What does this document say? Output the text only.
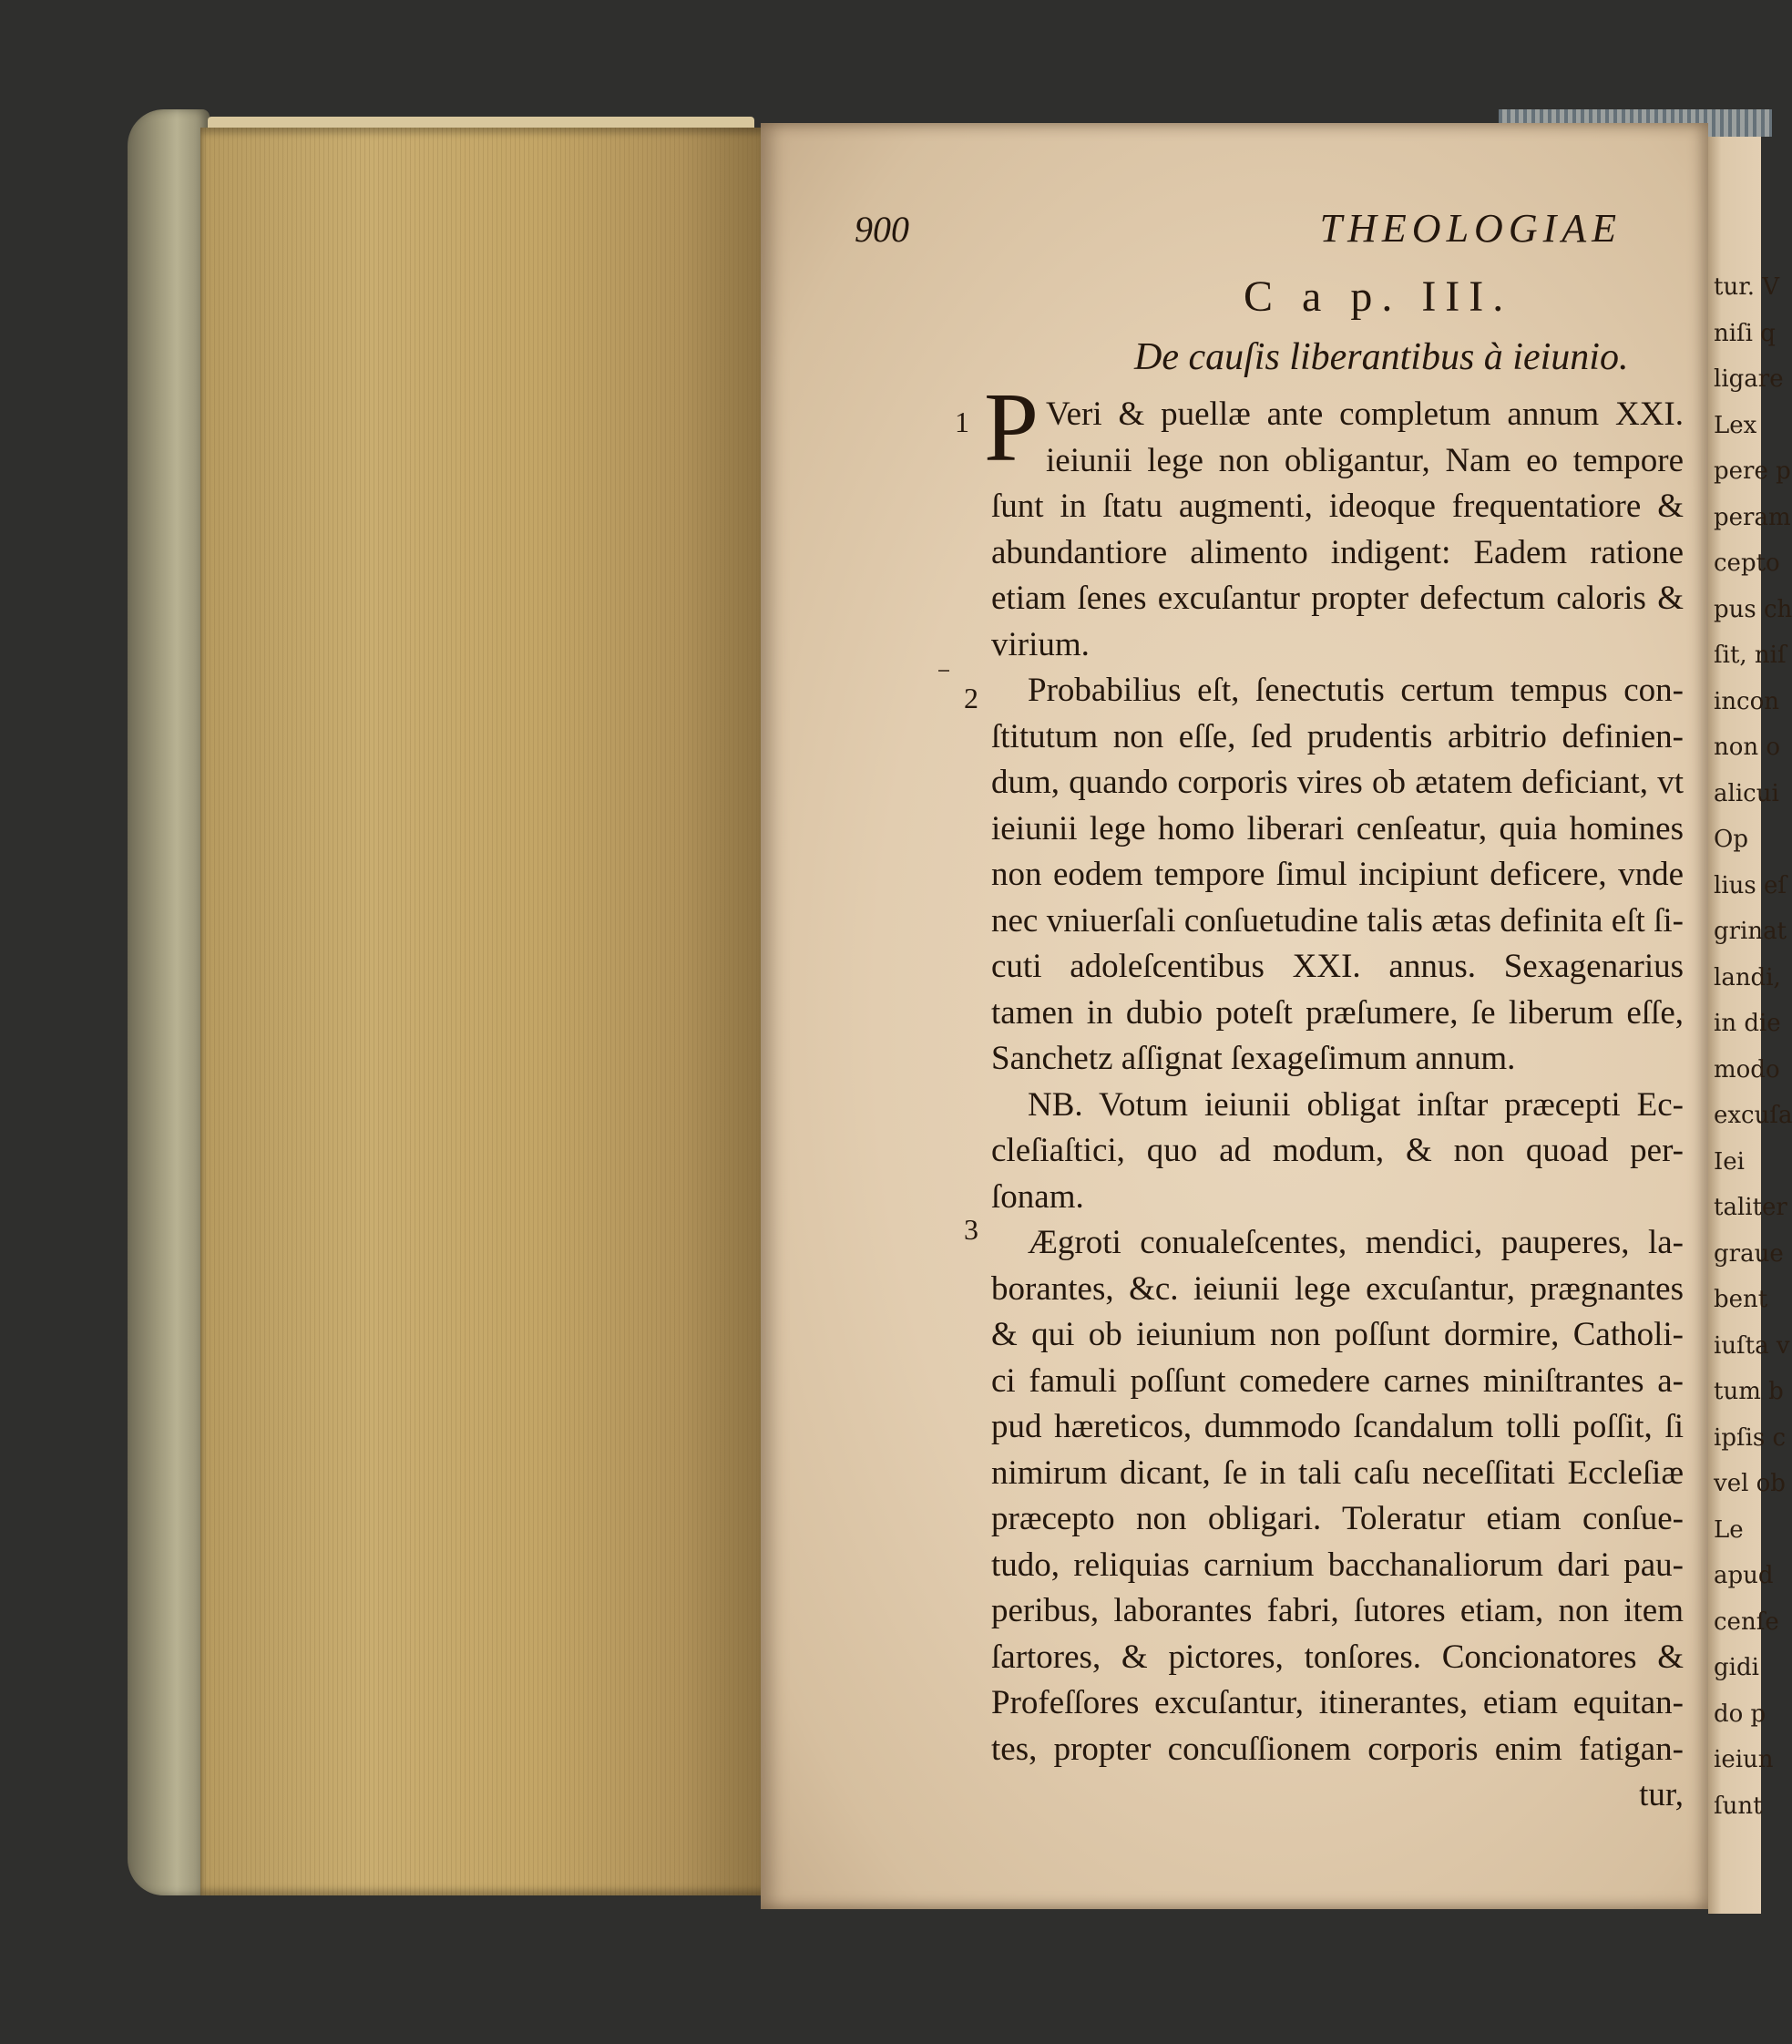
tur. V
niſi q
ligare
Lex
pere p
peram
cepto
pus ch
ſit, niſ
incon
non o
alicui
Op
lius eſ
grinat
landi,
in die
modo
excuſa
Iei
taliter
graue
bent
iuſta v
tum b
ipſis c
vel ob
Le
apud
cenſe
gidi
do p
ieiun
ſunt
900	THEOLOGIAE
C a p. III.
De cauſis liberantibus à ieiunio.
P
1
2
3
Veri & puellæ ante completum annum XXI.
ieiunii lege non obligantur, Nam eo tempore
ſunt in ſtatu augmenti, ideoque frequentatiore &
abundantiore alimento indigent: Eadem ratione
etiam ſenes excuſantur propter defectum caloris &
virium.
Probabilius eſt, ſenectutis certum tempus con-
ſtitutum non eſſe, ſed prudentis arbitrio definien-
dum, quando corporis vires ob ætatem deficiant, vt
ieiunii lege homo liberari cenſeatur, quia homines
non eodem tempore ſimul incipiunt deficere, vnde
nec vniuerſali conſuetudine talis ætas definita eſt ſi-
cuti adoleſcentibus XXI. annus. Sexagenarius
tamen in dubio poteſt præſumere, ſe liberum eſſe,
Sanchetz aſſignat ſexageſimum annum.
NB. Votum ieiunii obligat inſtar præcepti Ec-
cleſiaſtici, quo ad modum, & non quoad per-
ſonam.
Ægroti conualeſcentes, mendici, pauperes, la-
borantes, &c. ieiunii lege excuſantur, prægnantes
& qui ob ieiunium non poſſunt dormire, Catholi-
ci famuli poſſunt comedere carnes miniſtrantes a-
pud hæreticos, dummodo ſcandalum tolli poſſit, ſi
nimirum dicant, ſe in tali caſu neceſſitati Eccleſiæ
præcepto non obligari. Toleratur etiam conſue-
tudo, reliquias carnium bacchanaliorum dari pau-
peribus, laborantes fabri, ſutores etiam, non item
ſartores, & pictores, tonſores. Concionatores &
Profeſſores excuſantur, itinerantes, etiam equitan-
tes, propter concuſſionem corporis enim fatigan-
tur,
